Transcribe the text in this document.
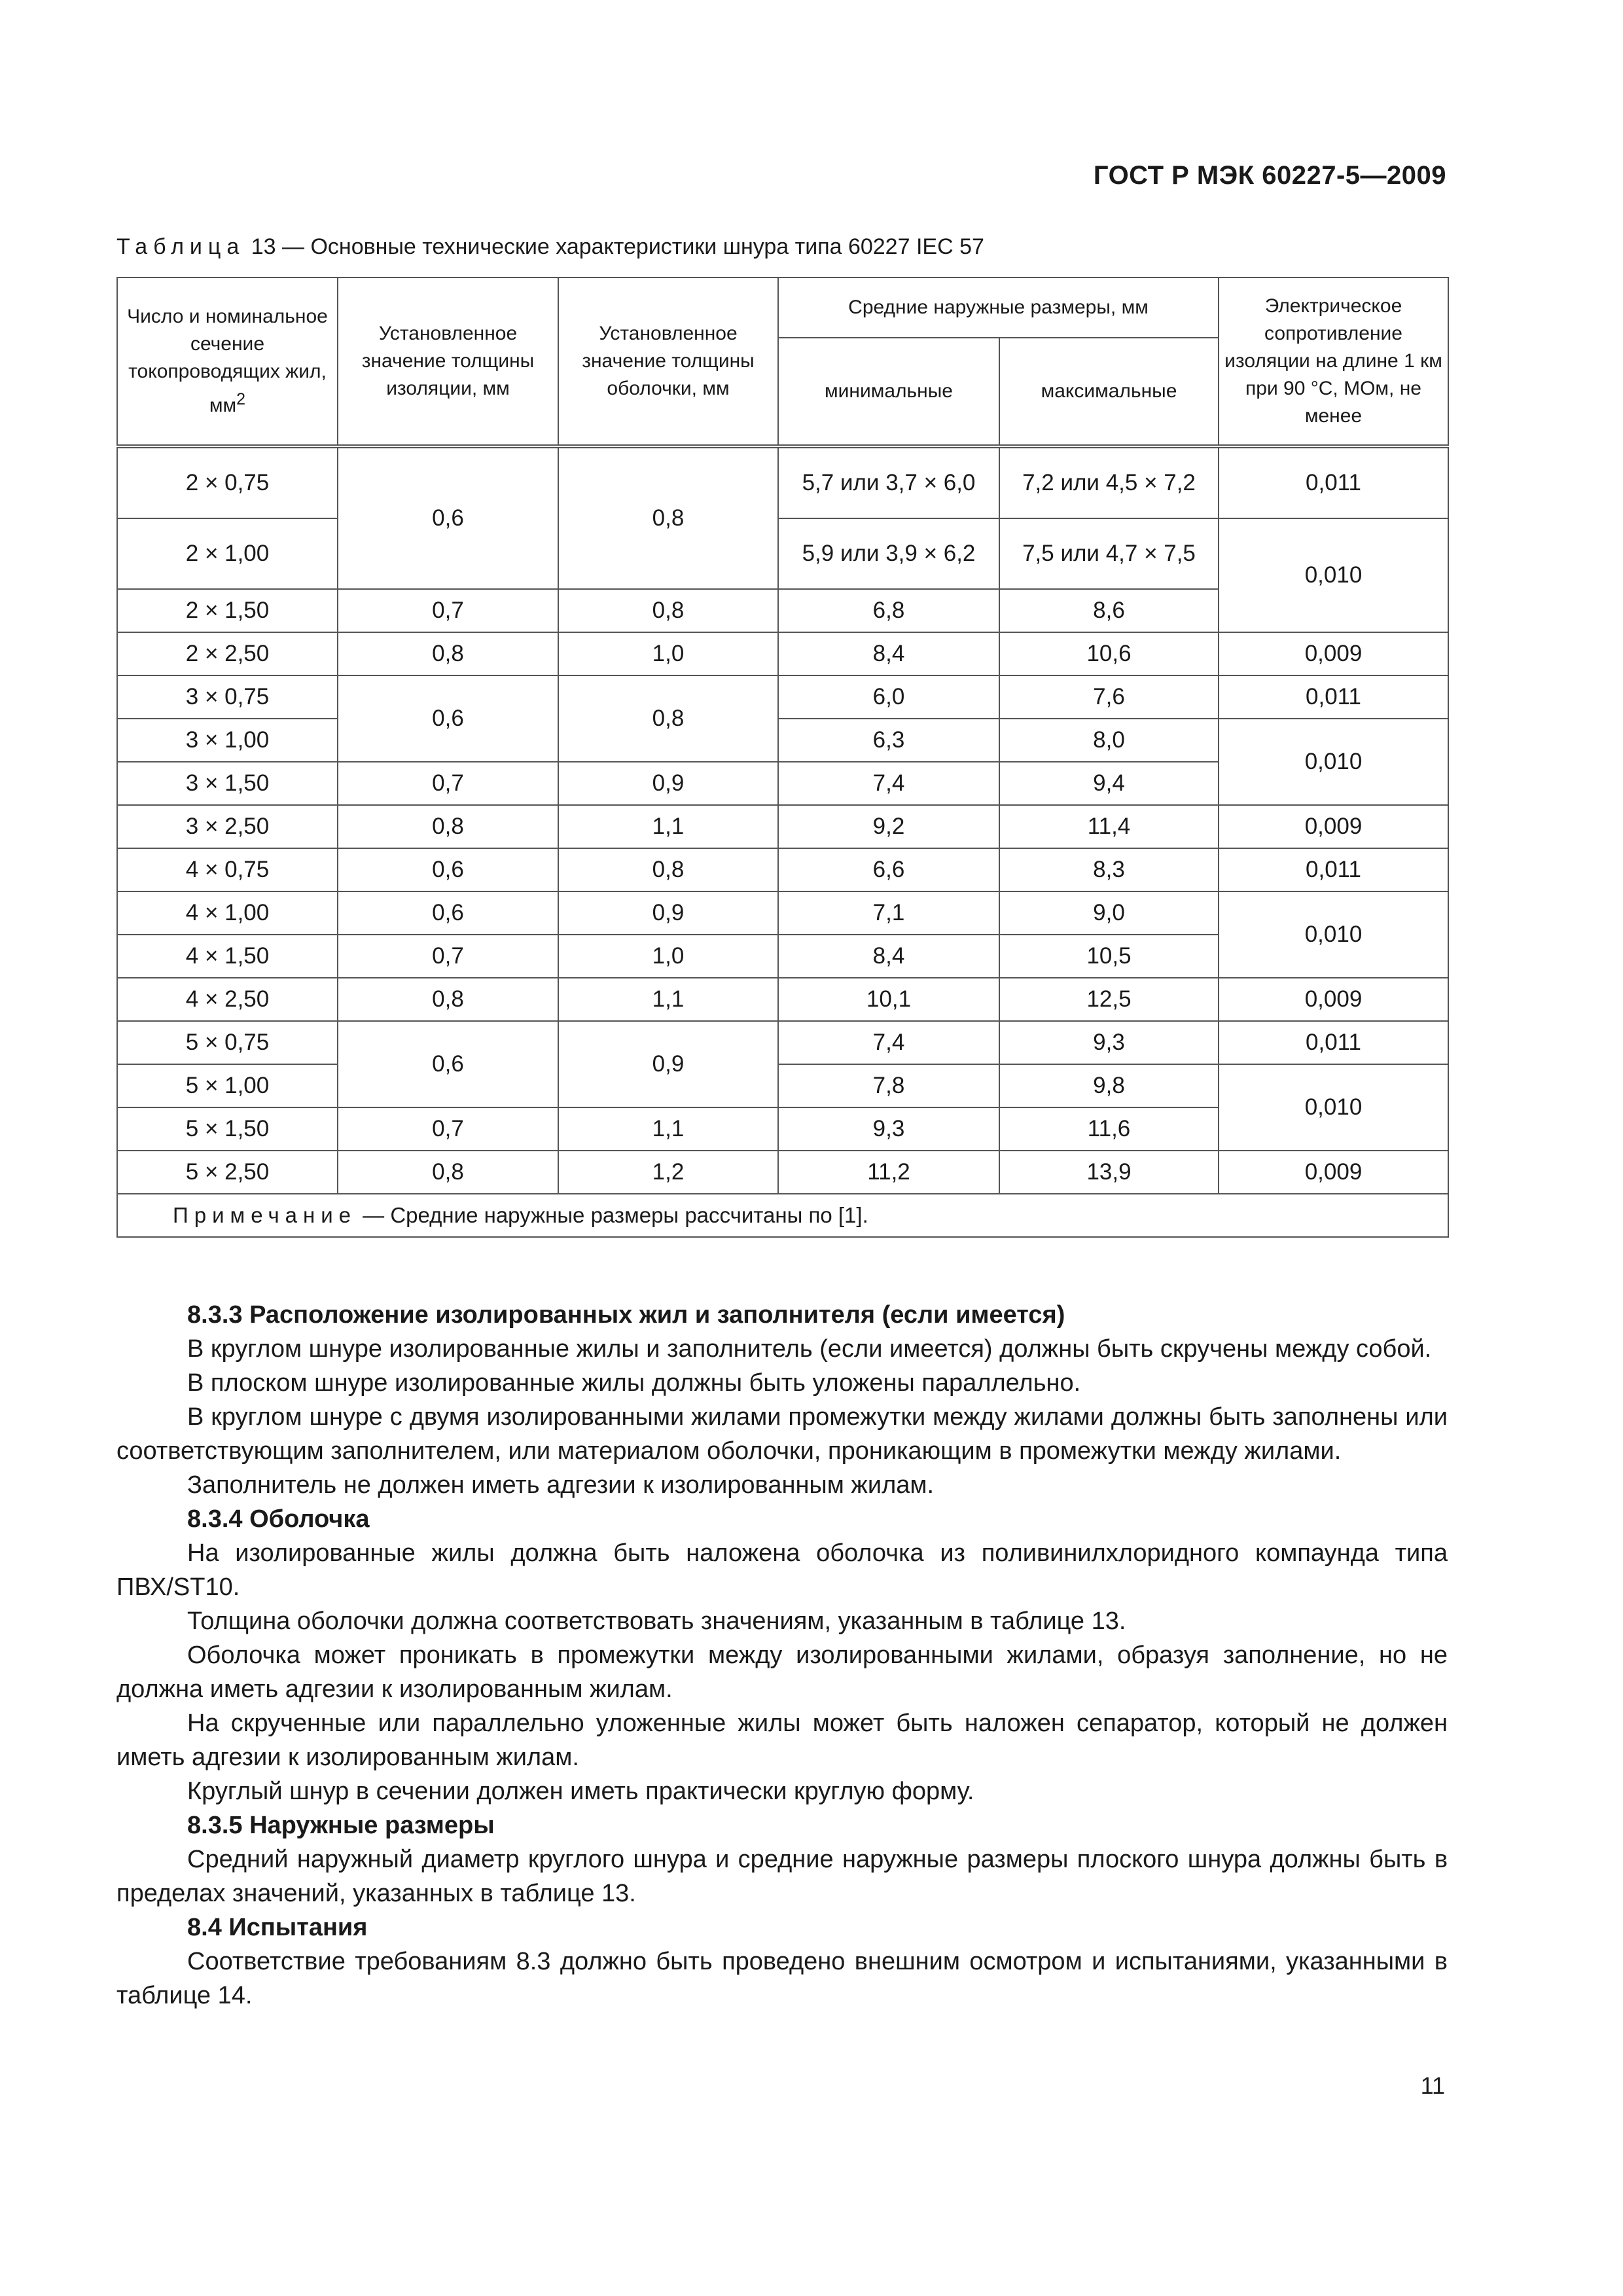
ГОСТ Р МЭК 60227-5—2009
Таблица 13 — Основные технические характеристики шнура типа 60227 IEC 57
Число и номинальное сечение токопроводящих жил, $мм^2$	Установленное значение толщины изоляции, мм	Установленное значение толщины оболочки, мм	Средние наружные размеры, мм		Электрическое сопротивление изоляции на длине 1 км при 90 °C, МОм, не менее
			минимальные	максимальные	
2 × 0,75	0,6	0,8	5,7 или 3,7 × 6,0	7,2 или 4,5 × 7,2	0,011
2 × 1,00			5,9 или 3,9 × 6,2	7,5 или 4,7 × 7,5	0,010
2 × 1,50	0,7	0,8	6,8	8,6	
2 × 2,50	0,8	1,0	8,4	10,6	0,009
3 × 0,75	0,6	0,8	6,0	7,6	0,011
3 × 1,00			6,3	8,0	0,010
3 × 1,50	0,7	0,9	7,4	9,4	
3 × 2,50	0,8	1,1	9,2	11,4	0,009
4 × 0,75	0,6	0,8	6,6	8,3	0,011
4 × 1,00	0,6	0,9	7,1	9,0	0,010
4 × 1,50	0,7	1,0	8,4	10,5	
4 × 2,50	0,8	1,1	10,1	12,5	0,009
5 × 0,75	0,6	0,9	7,4	9,3	0,011
5 × 1,00			7,8	9,8	0,010
5 × 1,50	0,7	1,1	9,3	11,6	
5 × 2,50	0,8	1,2	11,2	13,9	0,009
Примечание — Средние наружные размеры рассчитаны по [1].					

8.3.3 Расположение изолированных жил и заполнителя (если имеется)

В круглом шнуре изолированные жилы и заполнитель (если имеется) должны быть скручены между собой.

В плоском шнуре изолированные жилы должны быть уложены параллельно.

В круглом шнуре с двумя изолированными жилами промежутки между жилами должны быть заполнены или соответствующим заполнителем, или материалом оболочки, проникающим в промежутки между жилами.

Заполнитель не должен иметь адгезии к изолированным жилам.

8.3.4 Оболочка

На изолированные жилы должна быть наложена оболочка из поливинилхлоридного компаунда типа ПВХ/ST10.

Толщина оболочки должна соответствовать значениям, указанным в таблице 13.

Оболочка может проникать в промежутки между изолированными жилами, образуя заполнение, но не должна иметь адгезии к изолированным жилам.

На скрученные или параллельно уложенные жилы может быть наложен сепаратор, который не должен иметь адгезии к изолированным жилам.

Круглый шнур в сечении должен иметь практически круглую форму.

8.3.5 Наружные размеры

Средний наружный диаметр круглого шнура и средние наружные размеры плоского шнура должны быть в пределах значений, указанных в таблице 13.

8.4 Испытания

Соответствие требованиям 8.3 должно быть проведено внешним осмотром и испытаниями, указанными в таблице 14.

11
